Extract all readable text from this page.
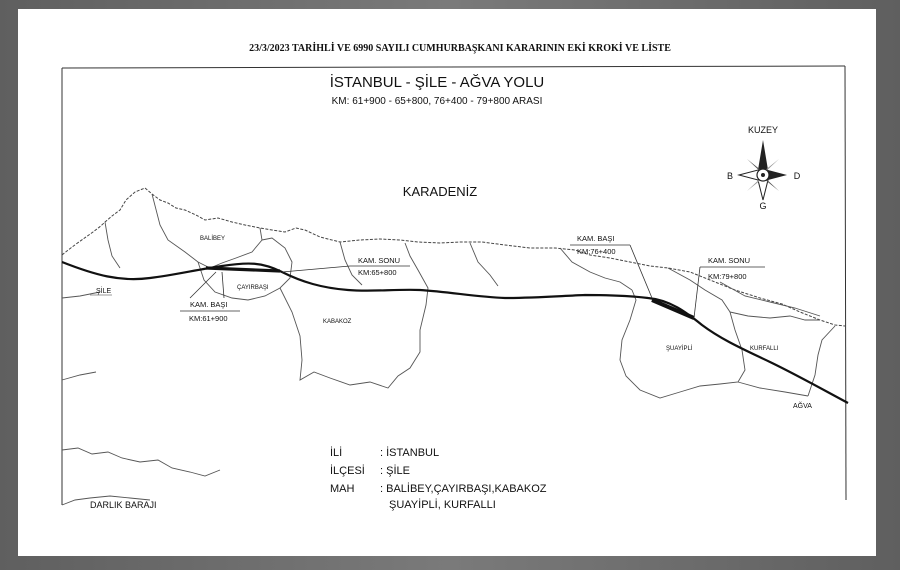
23/3/2023 TARİHLİ VE 6990 SAYILI CUMHURBAŞKANI KARARININ EKİ KROKİ VE LİSTE
İSTANBUL - ŞİLE - AĞVA YOLU
KM: 61+900 - 65+800, 76+400 - 79+800 ARASI
KARADENİZ
KUZEY
B	D
G
ŞİLE
BALİBEY
ÇAYIRBAŞI
KABAKOZ
ŞUAYİPLİ	KURFALLI
AĞVA
DARLIK BARAJI
KAM. BAŞI
KM:61+900
KAM. SONU
KM:65+800
KAM. BAŞI
KM:76+400
KAM. SONU
KM:79+800
İLİ	: İSTANBUL
İLÇESİ : ŞİLE
MAH : BALİBEY,ÇAYIRBAŞI,KABAKOZ
ŞUAYİPLİ, KURFALLI
